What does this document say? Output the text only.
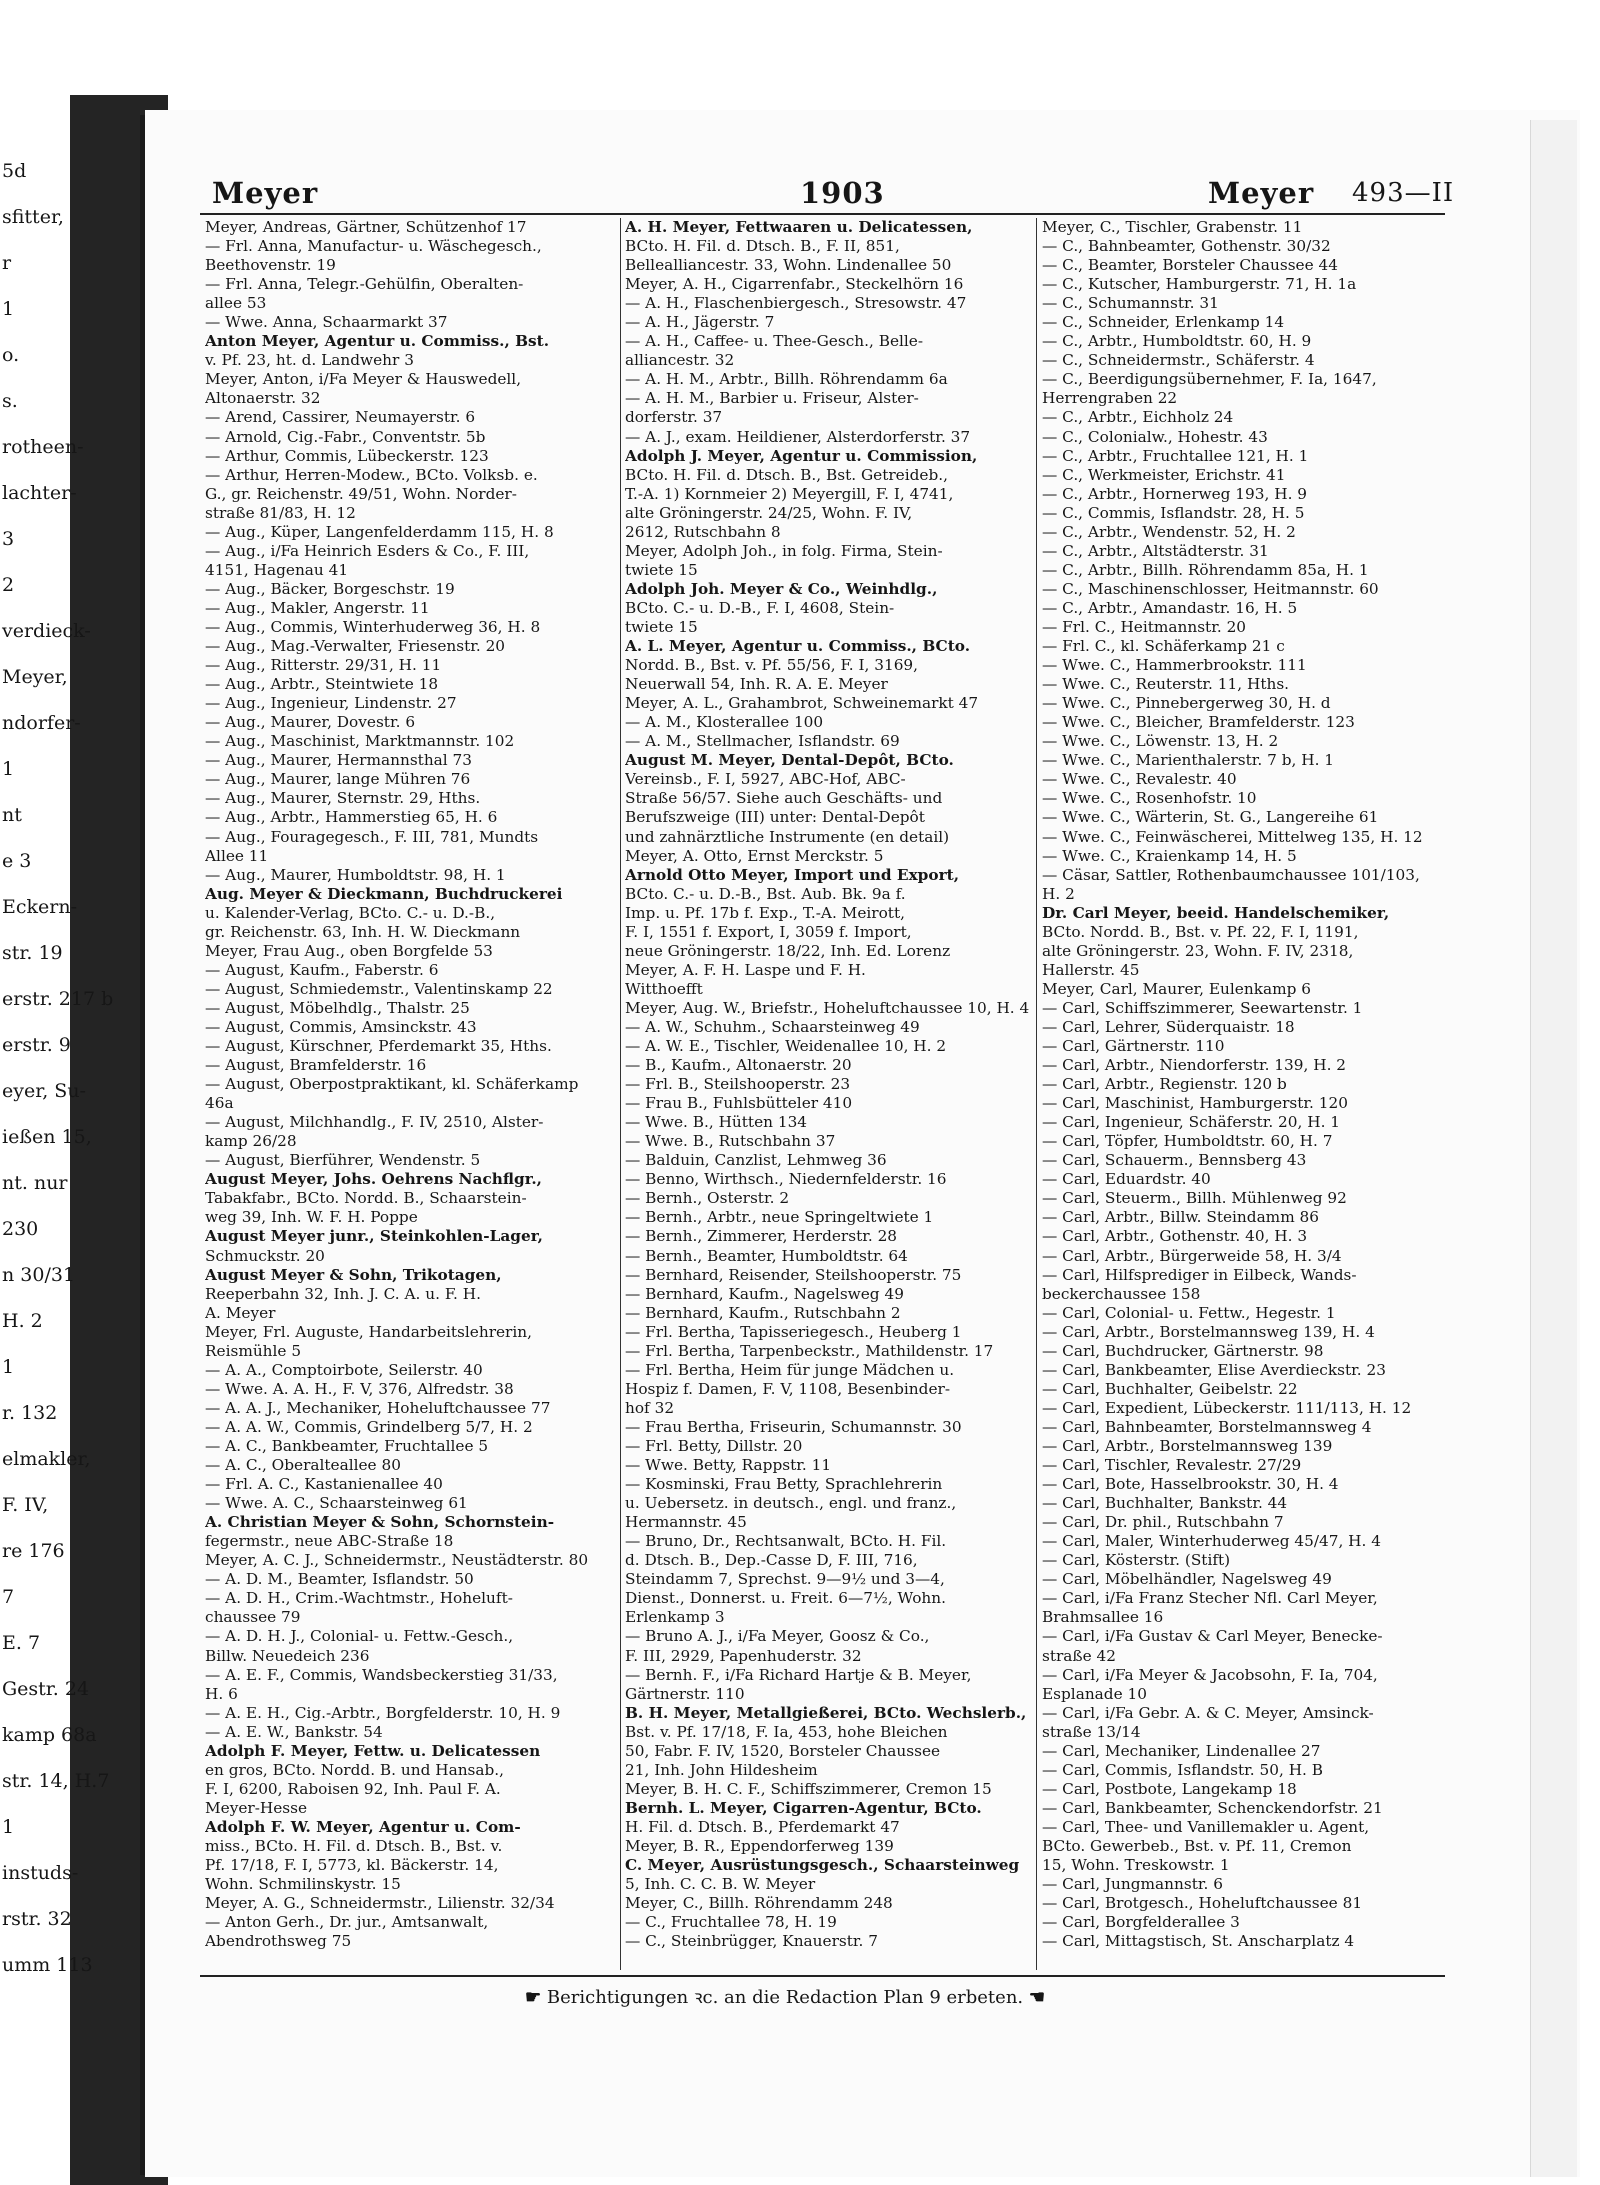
5d
sfitter,
r
1
o.
s.
rotheen-
lachter-
3
2
verdieck-
Meyer,
ndorfer-
1
nt
e 3
Eckern-
str. 19
erstr. 217 b
erstr. 9
eyer, Su-
ießen 15,
nt. nur
230
n 30/31
H. 2
1
r. 132
elmakler,
F. IV,
re 176
7
E. 7
Gestr. 24
kamp 68a
str. 14, H.7
1
instuds-
rstr. 32
umm 113
Meyer	1903	Meyer 493—II
Meyer, Andreas, Gärtner, Schützenhof 17
— Frl. Anna, Manufactur- u. Wäschegesch.,
Beethovenstr. 19
— Frl. Anna, Telegr.-Gehülfin, Oberalten-
allee 53
— Wwe. Anna, Schaarmarkt 37
Anton Meyer, Agentur u. Commiss., Bst.
v. Pf. 23, ht. d. Landwehr 3
Meyer, Anton, i/Fa Meyer & Hauswedell,
Altonaerstr. 32
— Arend, Cassirer, Neumayerstr. 6
— Arnold, Cig.-Fabr., Conventstr. 5b
— Arthur, Commis, Lübeckerstr. 123
— Arthur, Herren-Modew., BCto. Volksb. e.
G., gr. Reichenstr. 49/51, Wohn. Norder-
straße 81/83, H. 12
— Aug., Küper, Langenfelderdamm 115, H. 8
— Aug., i/Fa Heinrich Esders & Co., F. III,
4151, Hagenau 41
— Aug., Bäcker, Borgeschstr. 19
— Aug., Makler, Angerstr. 11
— Aug., Commis, Winterhuderweg 36, H. 8
— Aug., Mag.-Verwalter, Friesenstr. 20
— Aug., Ritterstr. 29/31, H. 11
— Aug., Arbtr., Steintwiete 18
— Aug., Ingenieur, Lindenstr. 27
— Aug., Maurer, Dovestr. 6
— Aug., Maschinist, Marktmannstr. 102
— Aug., Maurer, Hermannsthal 73
— Aug., Maurer, lange Mühren 76
— Aug., Maurer, Sternstr. 29, Hths.
— Aug., Arbtr., Hammerstieg 65, H. 6
— Aug., Fouragegesch., F. III, 781, Mundts
Allee 11
— Aug., Maurer, Humboldtstr. 98, H. 1
Aug. Meyer & Dieckmann, Buchdruckerei
u. Kalender-Verlag, BCto. C.- u. D.-B.,
gr. Reichenstr. 63, Inh. H. W. Dieckmann
Meyer, Frau Aug., oben Borgfelde 53
— August, Kaufm., Faberstr. 6
— August, Schmiedemstr., Valentinskamp 22
— August, Möbelhdlg., Thalstr. 25
— August, Commis, Amsinckstr. 43
— August, Kürschner, Pferdemarkt 35, Hths.
— August, Bramfelderstr. 16
— August, Oberpostpraktikant, kl. Schäferkamp
46a
— August, Milchhandlg., F. IV, 2510, Alster-
kamp 26/28
— August, Bierführer, Wendenstr. 5
August Meyer, Johs. Oehrens Nachflgr.,
Tabakfabr., BCto. Nordd. B., Schaarstein-
weg 39, Inh. W. F. H. Poppe
August Meyer junr., Steinkohlen-Lager,
Schmuckstr. 20
August Meyer & Sohn, Trikotagen,
Reeperbahn 32, Inh. J. C. A. u. F. H.
A. Meyer
Meyer, Frl. Auguste, Handarbeitslehrerin,
Reismühle 5
— A. A., Comptoirbote, Seilerstr. 40
— Wwe. A. A. H., F. V, 376, Alfredstr. 38
— A. A. J., Mechaniker, Hoheluftchaussee 77
— A. A. W., Commis, Grindelberg 5/7, H. 2
— A. C., Bankbeamter, Fruchtallee 5
— A. C., Oberalteallee 80
— Frl. A. C., Kastanienallee 40
— Wwe. A. C., Schaarsteinweg 61
A. Christian Meyer & Sohn, Schornstein-
fegermstr., neue ABC-Straße 18
Meyer, A. C. J., Schneidermstr., Neustädterstr. 80
— A. D. M., Beamter, Isflandstr. 50
— A. D. H., Crim.-Wachtmstr., Hoheluft-
chaussee 79
— A. D. H. J., Colonial- u. Fettw.-Gesch.,
Billw. Neuedeich 236
— A. E. F., Commis, Wandsbeckerstieg 31/33,
H. 6
— A. E. H., Cig.-Arbtr., Borgfelderstr. 10, H. 9
— A. E. W., Bankstr. 54
Adolph F. Meyer, Fettw. u. Delicatessen
en gros, BCto. Nordd. B. und Hansab.,
F. I, 6200, Raboisen 92, Inh. Paul F. A.
Meyer-Hesse
Adolph F. W. Meyer, Agentur u. Com-
miss., BCto. H. Fil. d. Dtsch. B., Bst. v.
Pf. 17/18, F. I, 5773, kl. Bäckerstr. 14,
Wohn. Schmilinskystr. 15
Meyer, A. G., Schneidermstr., Lilienstr. 32/34
— Anton Gerh., Dr. jur., Amtsanwalt,
Abendrothsweg 75
A. H. Meyer, Fettwaaren u. Delicatessen,
BCto. H. Fil. d. Dtsch. B., F. II, 851,
Bellealliancestr. 33, Wohn. Lindenallee 50
Meyer, A. H., Cigarrenfabr., Steckelhörn 16
— A. H., Flaschenbiergesch., Stresowstr. 47
— A. H., Jägerstr. 7
— A. H., Caffee- u. Thee-Gesch., Belle-
alliancestr. 32
— A. H. M., Arbtr., Billh. Röhrendamm 6a
— A. H. M., Barbier u. Friseur, Alster-
dorferstr. 37
— A. J., exam. Heildiener, Alsterdorferstr. 37
Adolph J. Meyer, Agentur u. Commission,
BCto. H. Fil. d. Dtsch. B., Bst. Getreideb.,
T.-A. 1) Kornmeier 2) Meyergill, F. I, 4741,
alte Gröningerstr. 24/25, Wohn. F. IV,
2612, Rutschbahn 8
Meyer, Adolph Joh., in folg. Firma, Stein-
twiete 15
Adolph Joh. Meyer & Co., Weinhdlg.,
BCto. C.- u. D.-B., F. I, 4608, Stein-
twiete 15
A. L. Meyer, Agentur u. Commiss., BCto.
Nordd. B., Bst. v. Pf. 55/56, F. I, 3169,
Neuerwall 54, Inh. R. A. E. Meyer
Meyer, A. L., Grahambrot, Schweinemarkt 47
— A. M., Klosterallee 100
— A. M., Stellmacher, Isflandstr. 69
August M. Meyer, Dental-Depôt, BCto.
Vereinsb., F. I, 5927, ABC-Hof, ABC-
Straße 56/57. Siehe auch Geschäfts- und
Berufszweige (III) unter: Dental-Depôt
und zahnärztliche Instrumente (en detail)
Meyer, A. Otto, Ernst Merckstr. 5
Arnold Otto Meyer, Import und Export,
BCto. C.- u. D.-B., Bst. Aub. Bk. 9a f.
Imp. u. Pf. 17b f. Exp., T.-A. Meirott,
F. I, 1551 f. Export, I, 3059 f. Import,
neue Gröningerstr. 18/22, Inh. Ed. Lorenz
Meyer, A. F. H. Laspe und F. H.
Witthoefft
Meyer, Aug. W., Briefstr., Hoheluftchaussee 10, H. 4
— A. W., Schuhm., Schaarsteinweg 49
— A. W. E., Tischler, Weidenallee 10, H. 2
— B., Kaufm., Altonaerstr. 20
— Frl. B., Steilshooperstr. 23
— Frau B., Fuhlsbütteler 410
— Wwe. B., Hütten 134
— Wwe. B., Rutschbahn 37
— Balduin, Canzlist, Lehmweg 36
— Benno, Wirthsch., Niedernfelderstr. 16
— Bernh., Osterstr. 2
— Bernh., Arbtr., neue Springeltwiete 1
— Bernh., Zimmerer, Herderstr. 28
— Bernh., Beamter, Humboldtstr. 64
— Bernhard, Reisender, Steilshooperstr. 75
— Bernhard, Kaufm., Nagelsweg 49
— Bernhard, Kaufm., Rutschbahn 2
— Frl. Bertha, Tapisseriegesch., Heuberg 1
— Frl. Bertha, Tarpenbeckstr., Mathildenstr. 17
— Frl. Bertha, Heim für junge Mädchen u.
Hospiz f. Damen, F. V, 1108, Besenbinder-
hof 32
— Frau Bertha, Friseurin, Schumannstr. 30
— Frl. Betty, Dillstr. 20
— Wwe. Betty, Rappstr. 11
— Kosminski, Frau Betty, Sprachlehrerin
u. Uebersetz. in deutsch., engl. und franz.,
Hermannstr. 45
— Bruno, Dr., Rechtsanwalt, BCto. H. Fil.
d. Dtsch. B., Dep.-Casse D, F. III, 716,
Steindamm 7, Sprechst. 9—9½ und 3—4,
Dienst., Donnerst. u. Freit. 6—7½, Wohn.
Erlenkamp 3
— Bruno A. J., i/Fa Meyer, Goosz & Co.,
F. III, 2929, Papenhuderstr. 32
— Bernh. F., i/Fa Richard Hartje & B. Meyer,
Gärtnerstr. 110
B. H. Meyer, Metallgießerei, BCto. Wechslerb.,
Bst. v. Pf. 17/18, F. Ia, 453, hohe Bleichen
50, Fabr. F. IV, 1520, Borsteler Chaussee
21, Inh. John Hildesheim
Meyer, B. H. C. F., Schiffszimmerer, Cremon 15
Bernh. L. Meyer, Cigarren-Agentur, BCto.
H. Fil. d. Dtsch. B., Pferdemarkt 47
Meyer, B. R., Eppendorferweg 139
C. Meyer, Ausrüstungsgesch., Schaarsteinweg
5, Inh. C. C. B. W. Meyer
Meyer, C., Billh. Röhrendamm 248
— C., Fruchtallee 78, H. 19
— C., Steinbrügger, Knauerstr. 7
Meyer, C., Tischler, Grabenstr. 11
— C., Bahnbeamter, Gothenstr. 30/32
— C., Beamter, Borsteler Chaussee 44
— C., Kutscher, Hamburgerstr. 71, H. 1a
— C., Schumannstr. 31
— C., Schneider, Erlenkamp 14
— C., Arbtr., Humboldtstr. 60, H. 9
— C., Schneidermstr., Schäferstr. 4
— C., Beerdigungsübernehmer, F. Ia, 1647,
Herrengraben 22
— C., Arbtr., Eichholz 24
— C., Colonialw., Hohestr. 43
— C., Arbtr., Fruchtallee 121, H. 1
— C., Werkmeister, Erichstr. 41
— C., Arbtr., Hornerweg 193, H. 9
— C., Commis, Isflandstr. 28, H. 5
— C., Arbtr., Wendenstr. 52, H. 2
— C., Arbtr., Altstädterstr. 31
— C., Arbtr., Billh. Röhrendamm 85a, H. 1
— C., Maschinenschlosser, Heitmannstr. 60
— C., Arbtr., Amandastr. 16, H. 5
— Frl. C., Heitmannstr. 20
— Frl. C., kl. Schäferkamp 21 c
— Wwe. C., Hammerbrookstr. 111
— Wwe. C., Reuterstr. 11, Hths.
— Wwe. C., Pinnebergerweg 30, H. d
— Wwe. C., Bleicher, Bramfelderstr. 123
— Wwe. C., Löwenstr. 13, H. 2
— Wwe. C., Marienthalerstr. 7 b, H. 1
— Wwe. C., Revalestr. 40
— Wwe. C., Rosenhofstr. 10
— Wwe. C., Wärterin, St. G., Langereihe 61
— Wwe. C., Feinwäscherei, Mittelweg 135, H. 12
— Wwe. C., Kraienkamp 14, H. 5
— Cäsar, Sattler, Rothenbaumchaussee 101/103,
H. 2
Dr. Carl Meyer, beeid. Handelschemiker,
BCto. Nordd. B., Bst. v. Pf. 22, F. I, 1191,
alte Gröningerstr. 23, Wohn. F. IV, 2318,
Hallerstr. 45
Meyer, Carl, Maurer, Eulenkamp 6
— Carl, Schiffszimmerer, Seewartenstr. 1
— Carl, Lehrer, Süderquaistr. 18
— Carl, Gärtnerstr. 110
— Carl, Arbtr., Niendorferstr. 139, H. 2
— Carl, Arbtr., Regienstr. 120 b
— Carl, Maschinist, Hamburgerstr. 120
— Carl, Ingenieur, Schäferstr. 20, H. 1
— Carl, Töpfer, Humboldtstr. 60, H. 7
— Carl, Schauerm., Bennsberg 43
— Carl, Eduardstr. 40
— Carl, Steuerm., Billh. Mühlenweg 92
— Carl, Arbtr., Billw. Steindamm 86
— Carl, Arbtr., Gothenstr. 40, H. 3
— Carl, Arbtr., Bürgerweide 58, H. 3/4
— Carl, Hilfsprediger in Eilbeck, Wands-
beckerchaussee 158
— Carl, Colonial- u. Fettw., Hegestr. 1
— Carl, Arbtr., Borstelmannsweg 139, H. 4
— Carl, Buchdrucker, Gärtnerstr. 98
— Carl, Bankbeamter, Elise Averdieckstr. 23
— Carl, Buchhalter, Geibelstr. 22
— Carl, Expedient, Lübeckerstr. 111/113, H. 12
— Carl, Bahnbeamter, Borstelmannsweg 4
— Carl, Arbtr., Borstelmannsweg 139
— Carl, Tischler, Revalestr. 27/29
— Carl, Bote, Hasselbrookstr. 30, H. 4
— Carl, Buchhalter, Bankstr. 44
— Carl, Dr. phil., Rutschbahn 7
— Carl, Maler, Winterhuderweg 45/47, H. 4
— Carl, Kösterstr. (Stift)
— Carl, Möbelhändler, Nagelsweg 49
— Carl, i/Fa Franz Stecher Nfl. Carl Meyer,
Brahmsallee 16
— Carl, i/Fa Gustav & Carl Meyer, Benecke-
straße 42
— Carl, i/Fa Meyer & Jacobsohn, F. Ia, 704,
Esplanade 10
— Carl, i/Fa Gebr. A. & C. Meyer, Amsinck-
straße 13/14
— Carl, Mechaniker, Lindenallee 27
— Carl, Commis, Isflandstr. 50, H. B
— Carl, Postbote, Langekamp 18
— Carl, Bankbeamter, Schenckendorfstr. 21
— Carl, Thee- und Vanillemakler u. Agent,
BCto. Gewerbeb., Bst. v. Pf. 11, Cremon
15, Wohn. Treskowstr. 1
— Carl, Jungmannstr. 6
— Carl, Brotgesch., Hoheluftchaussee 81
— Carl, Borgfelderallee 3
— Carl, Mittagstisch, St. Anscharplatz 4
☛ Berichtigungen ꝛc. an die Redaction Plan 9 erbeten. ☚
